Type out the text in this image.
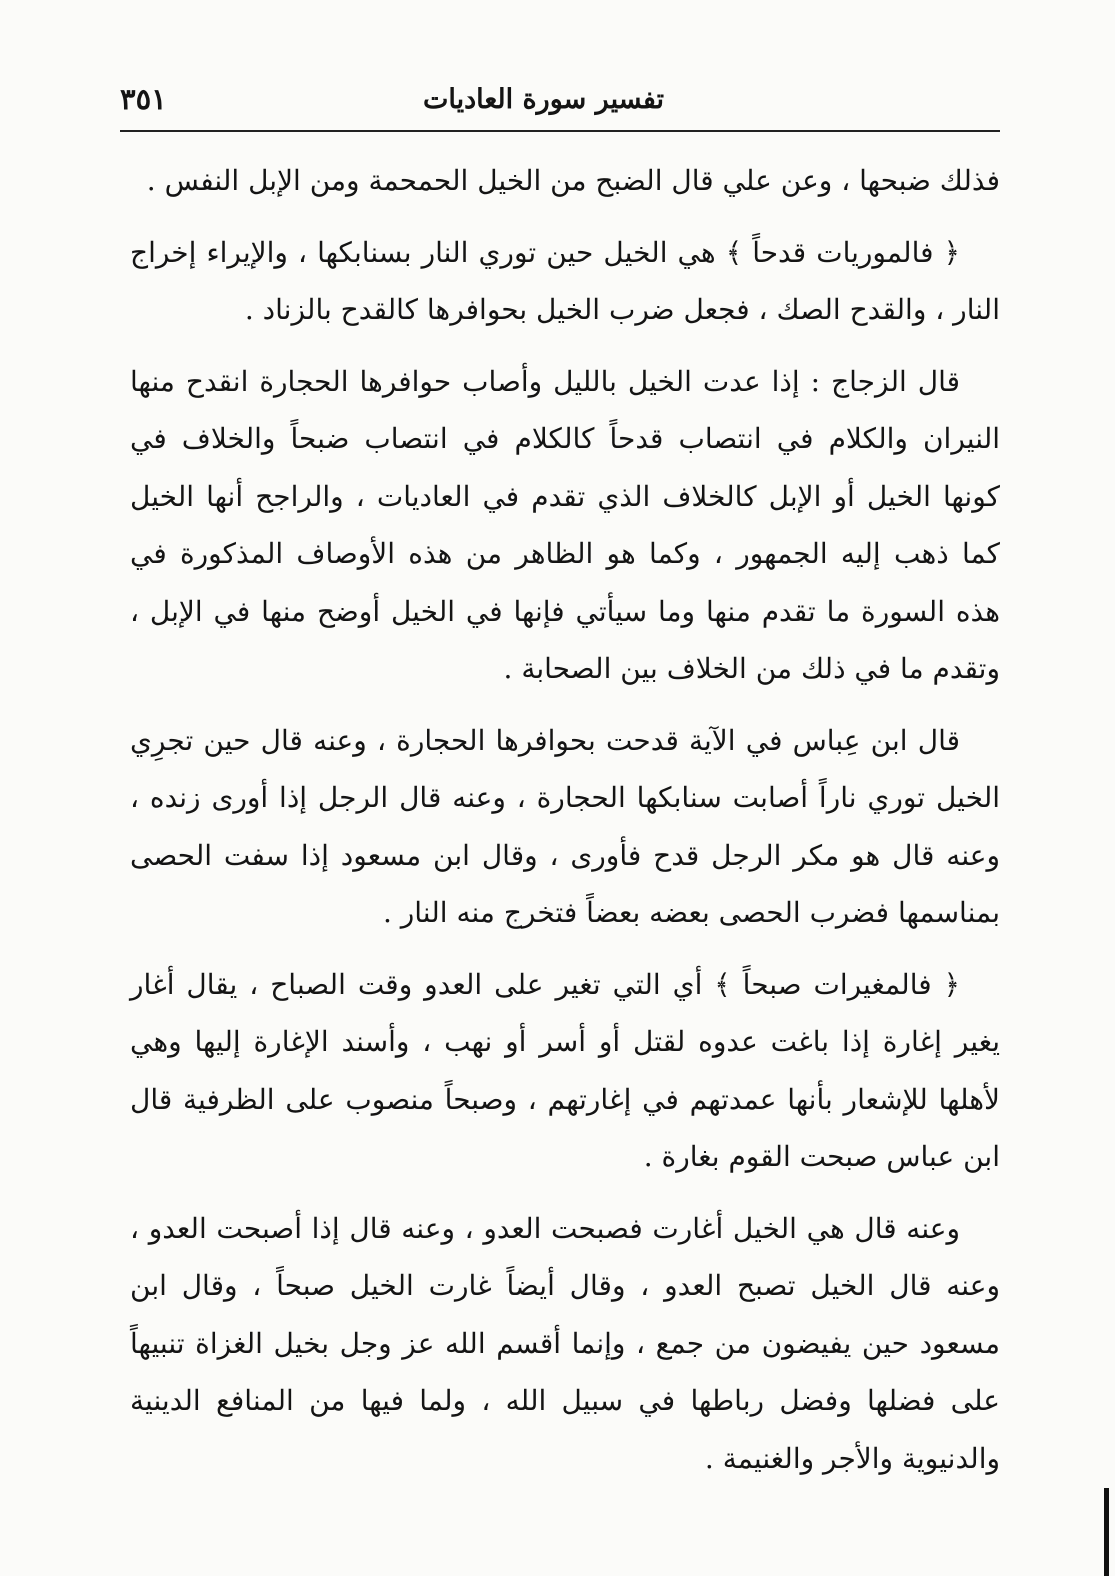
تفسير سورة العاديات
٣٥١

فذلك ضبحها ، وعن علي قال الضبح من الخيل الحمحمة ومن الإبل النفس .

﴿ فالموريات قدحاً ﴾ هي الخيل حين توري النار بسنابكها ، والإيراء إخراج النار ، والقدح الصك ، فجعل ضرب الخيل بحوافرها كالقدح بالزناد .

قال الزجاج : إذا عدت الخيل بالليل وأصاب حوافرها الحجارة انقدح منها النيران والكلام في انتصاب قدحاً كالكلام في انتصاب ضبحاً والخلاف في كونها الخيل أو الإبل كالخلاف الذي تقدم في العاديات ، والراجح أنها الخيل كما ذهب إليه الجمهور ، وكما هو الظاهر من هذه الأوصاف المذكورة في هذه السورة ما تقدم منها وما سيأتي فإنها في الخيل أوضح منها في الإبل ، وتقدم ما في ذلك من الخلاف بين الصحابة .

قال ابن عِباس في الآية قدحت بحوافرها الحجارة ، وعنه قال حين تجرِي الخيل توري ناراً أصابت سنابكها الحجارة ، وعنه قال الرجل إذا أورى زنده ، وعنه قال هو مكر الرجل قدح فأورى ، وقال ابن مسعود إذا سفت الحصى بمناسمها فضرب الحصى بعضه بعضاً فتخرج منه النار .

﴿ فالمغيرات صبحاً ﴾ أي التي تغير على العدو وقت الصباح ، يقال أغار يغير إغارة إذا باغت عدوه لقتل أو أسر أو نهب ، وأسند الإغارة إليها وهي لأهلها للإشعار بأنها عمدتهم في إغارتهم ، وصبحاً منصوب على الظرفية قال ابن عباس صبحت القوم بغارة .

وعنه قال هي الخيل أغارت فصبحت العدو ، وعنه قال إذا أصبحت العدو ، وعنه قال الخيل تصبح العدو ، وقال أيضاً غارت الخيل صبحاً ، وقال ابن مسعود حين يفيضون من جمع ، وإنما أقسم الله عز وجل بخيل الغزاة تنبيهاً على فضلها وفضل رباطها في سبيل الله ، ولما فيها من المنافع الدينية والدنيوية والأجر والغنيمة .
